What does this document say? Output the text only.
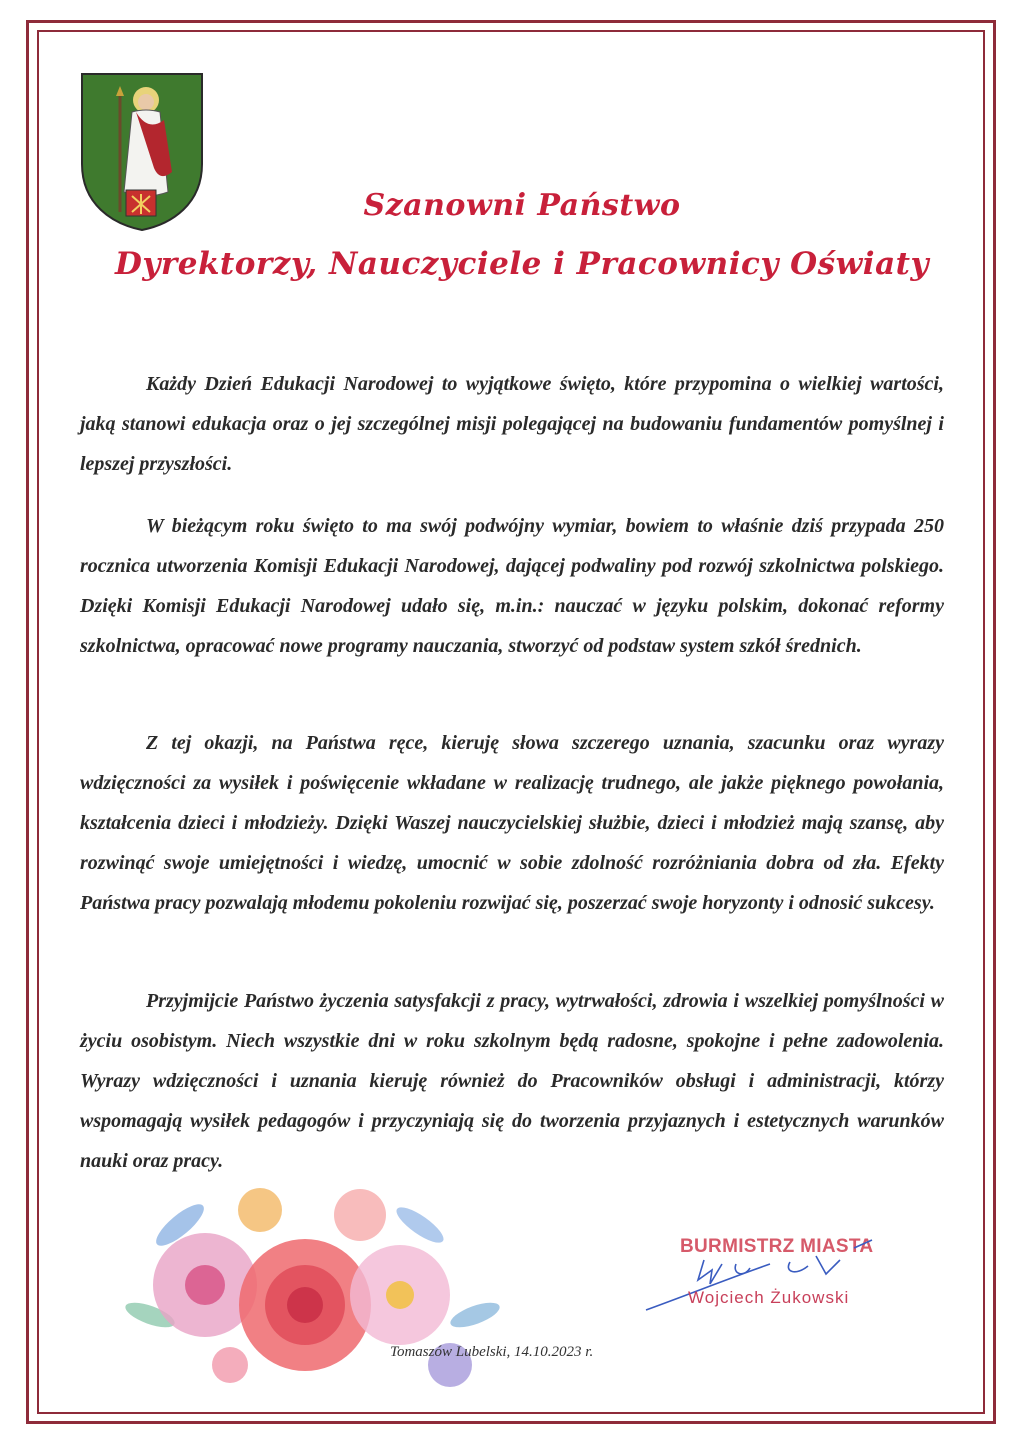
Szanowni Państwo
Dyrektorzy, Nauczyciele i Pracownicy Oświaty

Każdy Dzień Edukacji Narodowej to wyjątkowe święto, które przypomina o wielkiej wartości, jaką stanowi edukacja oraz o jej szczególnej misji polegającej na budowaniu fundamentów pomyślnej i lepszej przyszłości.

W bieżącym roku święto to ma swój podwójny wymiar, bowiem to właśnie dziś przypada 250 rocznica utworzenia Komisji Edukacji Narodowej, dającej podwaliny pod rozwój szkolnictwa polskiego. Dzięki Komisji Edukacji Narodowej udało się, m.in.: nauczać w języku polskim, dokonać reformy szkolnictwa, opracować nowe programy nauczania, stworzyć od podstaw system szkół średnich.

Z tej okazji, na Państwa ręce, kieruję słowa szczerego uznania, szacunku oraz wyrazy wdzięczności za wysiłek i poświęcenie wkładane w realizację trudnego, ale jakże pięknego powołania, kształcenia dzieci i młodzieży. Dzięki Waszej nauczycielskiej służbie, dzieci i młodzież mają szansę, aby rozwinąć swoje umiejętności i wiedzę, umocnić w sobie zdolność rozróżniania dobra od zła. Efekty Państwa pracy pozwalają młodemu pokoleniu rozwijać się, poszerzać swoje horyzonty i odnosić sukcesy.

Przyjmijcie Państwo życzenia satysfakcji z pracy, wytrwałości, zdrowia i wszelkiej pomyślności w życiu osobistym. Niech wszystkie dni w roku szkolnym będą radosne, spokojne i pełne zadowolenia. Wyrazy wdzięczności i uznania kieruję również do Pracowników obsługi i administracji, którzy wspomagają wysiłek pedagogów i przyczyniają się do tworzenia przyjaznych i estetycznych warunków nauki oraz pracy.

BURMISTRZ MIASTA
Wojciech Żukowski
Tomaszów Lubelski, 14.10.2023 r.
